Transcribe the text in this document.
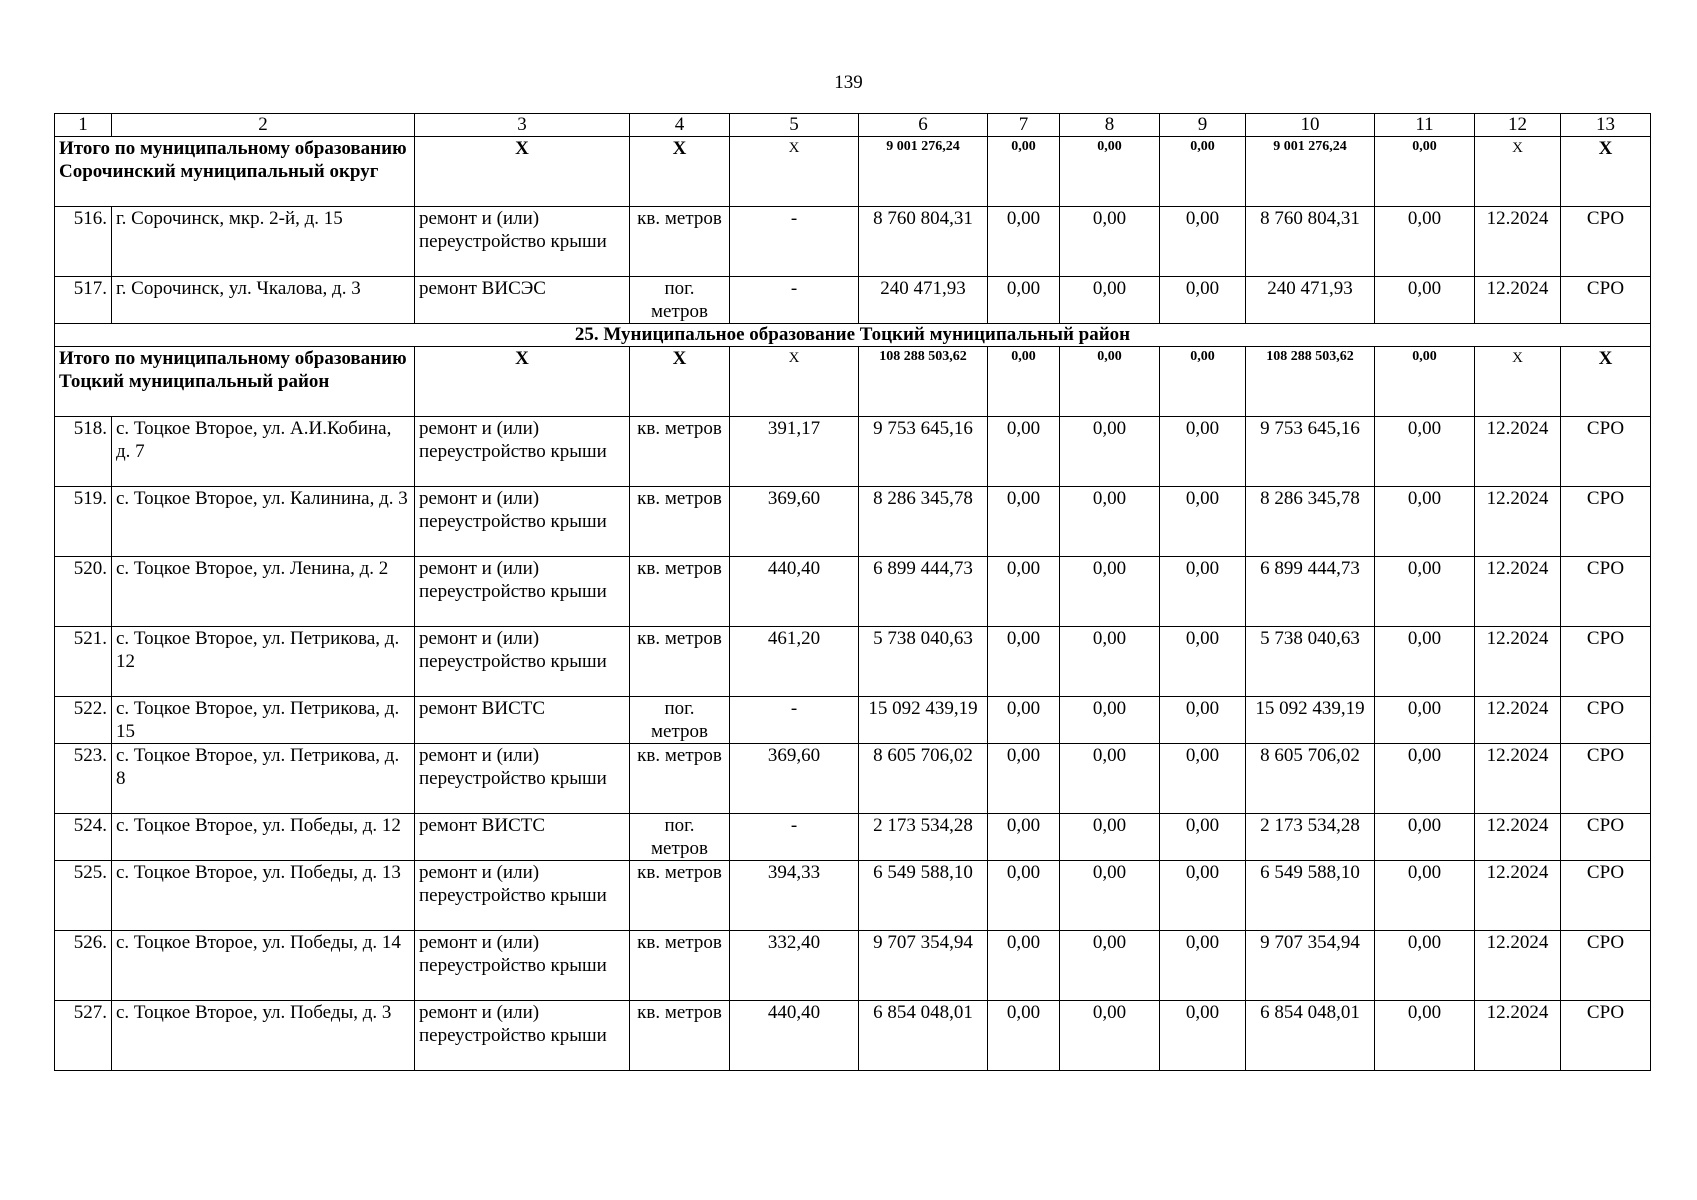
139
1	2	3	4	5	6	7	8	9	10	11	12	13
Итого по муниципальному образованию Сорочинский муниципальный округ		X	X	X	9 001 276,24	0,00	0,00	0,00	9 001 276,24	0,00	X	X
516.	г. Сорочинск, мкр. 2-й, д. 15	ремонт и (или) переустройство крыши	кв. метров	-	8 760 804,31	0,00	0,00	0,00	8 760 804,31	0,00	12.2024	СРО
517.	г. Сорочинск, ул. Чкалова, д. 3	ремонт ВИСЭС	пог. метров	-	240 471,93	0,00	0,00	0,00	240 471,93	0,00	12.2024	СРО
25. Муниципальное образование Тоцкий муниципальный район												
Итого по муниципальному образованию Тоцкий муниципальный район		X	X	X	108 288 503,62	0,00	0,00	0,00	108 288 503,62	0,00	X	X
518.	с. Тоцкое Второе, ул. А.И.Кобина, д. 7	ремонт и (или) переустройство крыши	кв. метров	391,17	9 753 645,16	0,00	0,00	0,00	9 753 645,16	0,00	12.2024	СРО
519.	с. Тоцкое Второе, ул. Калинина, д. 3	ремонт и (или) переустройство крыши	кв. метров	369,60	8 286 345,78	0,00	0,00	0,00	8 286 345,78	0,00	12.2024	СРО
520.	с. Тоцкое Второе, ул. Ленина, д. 2	ремонт и (или) переустройство крыши	кв. метров	440,40	6 899 444,73	0,00	0,00	0,00	6 899 444,73	0,00	12.2024	СРО
521.	с. Тоцкое Второе, ул. Петрикова, д. 12	ремонт и (или) переустройство крыши	кв. метров	461,20	5 738 040,63	0,00	0,00	0,00	5 738 040,63	0,00	12.2024	СРО
522.	с. Тоцкое Второе, ул. Петрикова, д. 15	ремонт ВИСТС	пог. метров	-	15 092 439,19	0,00	0,00	0,00	15 092 439,19	0,00	12.2024	СРО
523.	с. Тоцкое Второе, ул. Петрикова, д. 8	ремонт и (или) переустройство крыши	кв. метров	369,60	8 605 706,02	0,00	0,00	0,00	8 605 706,02	0,00	12.2024	СРО
524.	с. Тоцкое Второе, ул. Победы, д. 12	ремонт ВИСТС	пог. метров	-	2 173 534,28	0,00	0,00	0,00	2 173 534,28	0,00	12.2024	СРО
525.	с. Тоцкое Второе, ул. Победы, д. 13	ремонт и (или) переустройство крыши	кв. метров	394,33	6 549 588,10	0,00	0,00	0,00	6 549 588,10	0,00	12.2024	СРО
526.	с. Тоцкое Второе, ул. Победы, д. 14	ремонт и (или) переустройство крыши	кв. метров	332,40	9 707 354,94	0,00	0,00	0,00	9 707 354,94	0,00	12.2024	СРО
527.	с. Тоцкое Второе, ул. Победы, д. 3	ремонт и (или) переустройство крыши	кв. метров	440,40	6 854 048,01	0,00	0,00	0,00	6 854 048,01	0,00	12.2024	СРО
